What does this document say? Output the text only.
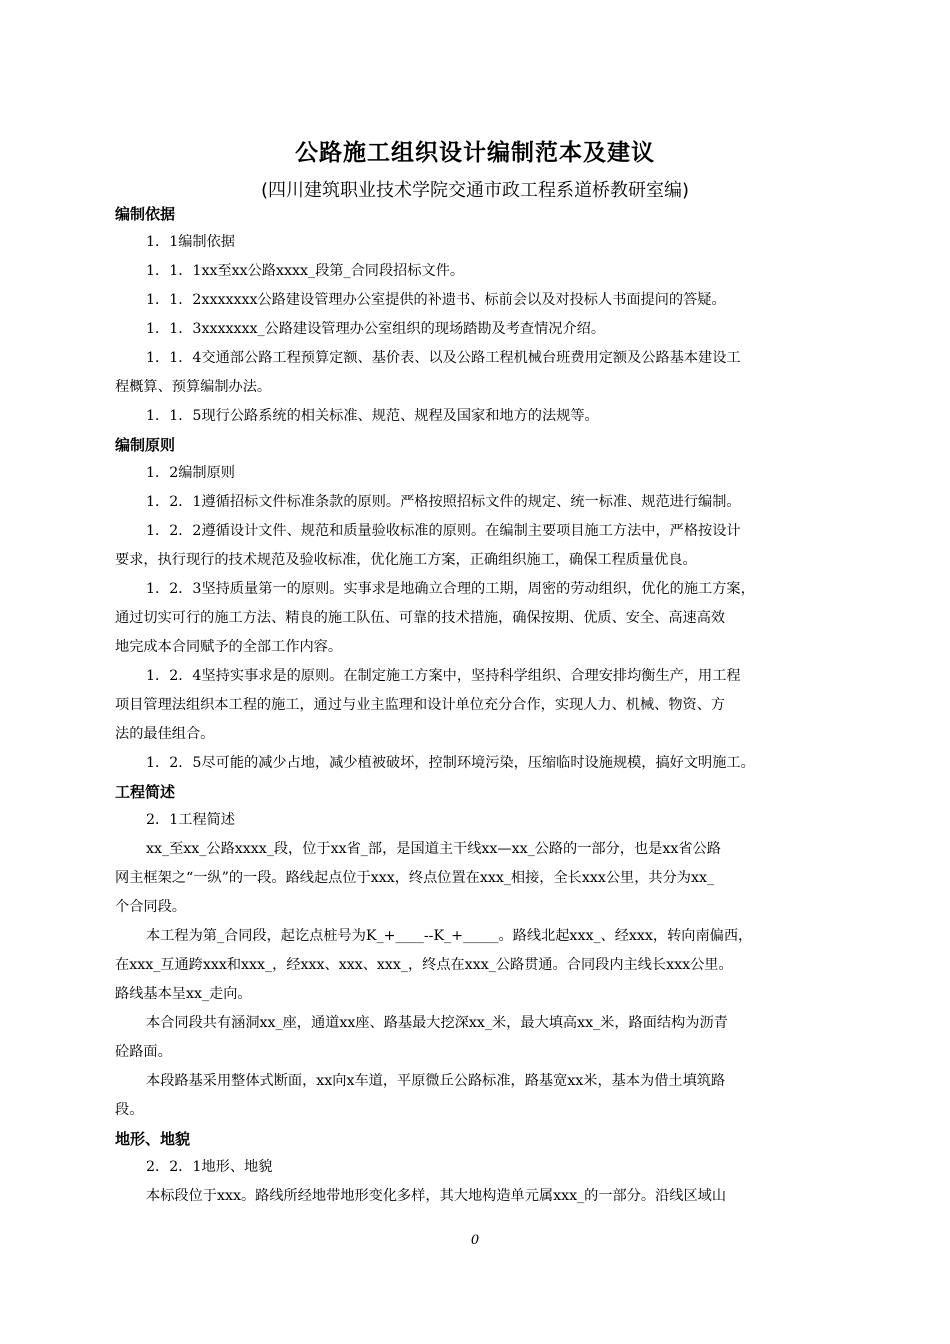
公路施工组织设计编制范本及建议
(四川建筑职业技术学院交通市政工程系道桥教研室编)
编制依据
1．1编制依据
1．1．1xx至xx公路xxxx_段第_合同段招标文件。
1．1．2xxxxxxx公路建设管理办公室提供的补遗书、标前会以及对投标人书面提问的答疑。
1．1．3xxxxxxx_公路建设管理办公室组织的现场踏勘及考查情况介绍。
1．1．4交通部公路工程预算定额、基价表、以及公路工程机械台班费用定额及公路基本建设工
程概算、预算编制办法。
1．1．5现行公路系统的相关标准、规范、规程及国家和地方的法规等。
编制原则
1．2编制原则
1．2．1遵循招标文件标准条款的原则。严格按照招标文件的规定、统一标准、规范进行编制。
1．2．2遵循设计文件、规范和质量验收标准的原则。在编制主要项目施工方法中，严格按设计
要求，执行现行的技术规范及验收标准，优化施工方案，正确组织施工，确保工程质量优良。
1．2．3坚持质量第一的原则。实事求是地确立合理的工期，周密的劳动组织，优化的施工方案，
通过切实可行的施工方法、精良的施工队伍、可靠的技术措施，确保按期、优质、安全、高速高效
地完成本合同赋予的全部工作内容。
1．2．4坚持实事求是的原则。在制定施工方案中，坚持科学组织、合理安排均衡生产，用工程
项目管理法组织本工程的施工，通过与业主监理和设计单位充分合作，实现人力、机械、物资、方
法的最佳组合。
1．2．5尽可能的减少占地，减少植被破坏，控制环境污染，压缩临时设施规模，搞好文明施工。
工程简述
2．1工程简述
xx_至xx_公路xxxx_段，位于xx省_部，是国道主干线xx—xx_公路的一部分，也是xx省公路
网主框架之“一纵”的一段。路线起点位于xxx，终点位置在xxx_相接，全长xxx公里，共分为xx_
个合同段。
本工程为第_合同段，起讫点桩号为K_+____--K_+_____。路线北起xxx_、经xxx，转向南偏西，
在xxx_互通跨xxx和xxx_，经xxx、xxx、xxx_，终点在xxx_公路贯通。合同段内主线长xxx公里。
路线基本呈xx_走向。
本合同段共有涵洞xx_座，通道xx座、路基最大挖深xx_米，最大填高xx_米，路面结构为沥青
砼路面。
本段路基采用整体式断面，xx向x车道，平原微丘公路标准，路基宽xx米，基本为借土填筑路
段。
地形、地貌
2．2．1地形、地貌
本标段位于xxx。路线所经地带地形变化多样，其大地构造单元属xxx_的一部分。沿线区域山
0
